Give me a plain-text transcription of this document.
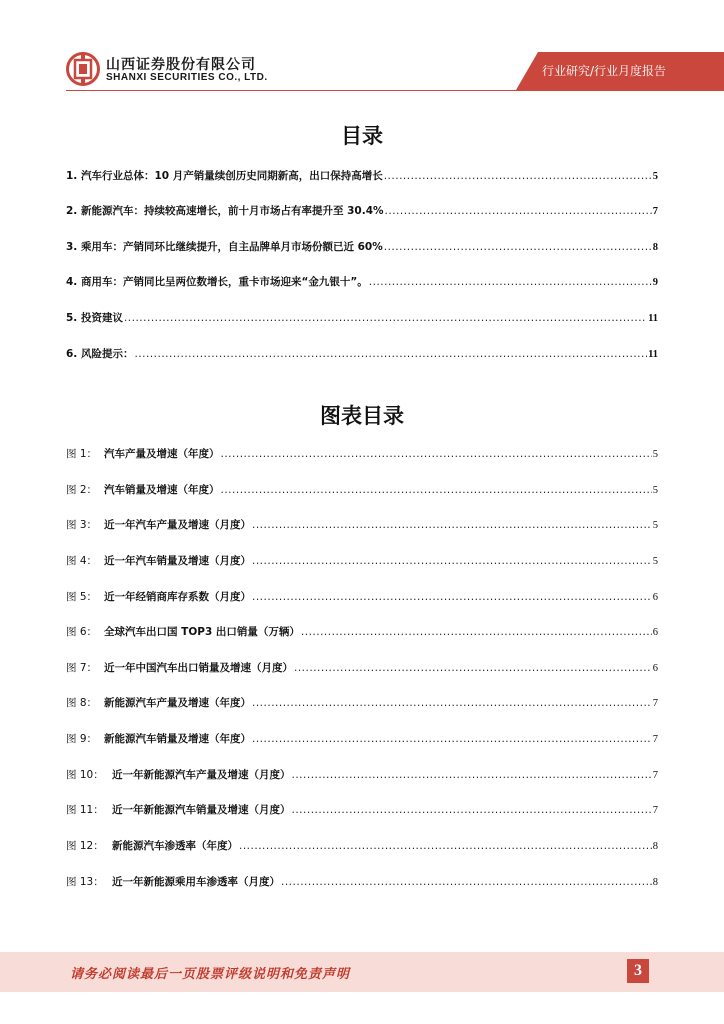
山西证券股份有限公司
SHANXI SECURITIES CO., LTD.	行业研究/行业月度报告
目录
1. 汽车行业总体：10 月产销量续创历史同期新高，出口保持高增长 .....	5
2. 新能源汽车：持续较高速增长，前十月市场占有率提升至 30.4% .....	7
3. 乘用车：产销同环比继续提升，自主品牌单月市场份额已近 60% .....	8
4. 商用车：产销同比呈两位数增长，重卡市场迎来“金九银十”。 .....	9
5. 投资建议 .....	11
6. 风险提示： .....	11
图表目录
图 1： 汽车产量及增速（年度） .....	5
图 2： 汽车销量及增速（年度） .....	5
图 3： 近一年汽车产量及增速（月度） .....	5
图 4： 近一年汽车销量及增速（月度） .....	5
图 5： 近一年经销商库存系数（月度） .....	6
图 6： 全球汽车出口国 TOP3 出口销量（万辆） .....	6
图 7： 近一年中国汽车出口销量及增速（月度） .....	6
图 8： 新能源汽车产量及增速（年度） .....	7
图 9： 新能源汽车销量及增速（年度） .....	7
图 10： 近一年新能源汽车产量及增速（月度） .....	7
图 11： 近一年新能源汽车销量及增速（月度） .....	7
图 12： 新能源汽车渗透率（年度） .....	8
图 13： 近一年新能源乘用车渗透率（月度） .....	8
请务必阅读最后一页股票评级说明和免责声明	3
